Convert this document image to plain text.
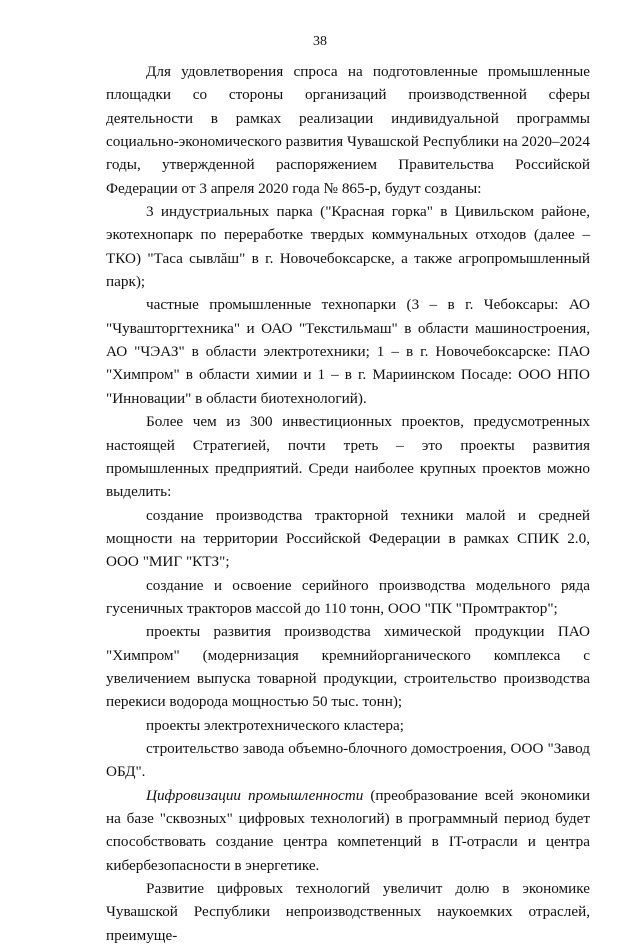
38

Для удовлетворения спроса на подготовленные промышленные площадки со стороны организаций производственной сферы деятельности в рамках реализации индивидуальной программы социально-экономического развития Чувашской Республики на 2020–2024 годы, утвержденной распоряжением Правительства Российской Федерации от 3 апреля 2020 года № 865-р, будут созданы:

3 индустриальных парка ("Красная горка" в Цивильском районе, экотехнопарк по переработке твердых коммунальных отходов (далее – ТКО) "Таса сывлăш" в г. Новочебоксарске, а также агропромышленный парк);

частные промышленные технопарки (3 – в г. Чебоксары: АО "Чувашторгтехника" и ОАО "Текстильмаш" в области машиностроения, АО "ЧЭАЗ" в области электротехники; 1 – в г. Новочебоксарске: ПАО "Химпром" в области химии и 1 – в г. Мариинском Посаде: ООО НПО "Инновации" в области биотехнологий).

Более чем из 300 инвестиционных проектов, предусмотренных настоящей Стратегией, почти треть – это проекты развития промышленных предприятий. Среди наиболее крупных проектов можно выделить:

создание производства тракторной техники малой и средней мощности на территории Российской Федерации в рамках СПИК 2.0, ООО "МИГ "КТЗ";

создание и освоение серийного производства модельного ряда гусеничных тракторов массой до 110 тонн, ООО "ПК "Промтрактор";

проекты развития производства химической продукции ПАО "Химпром" (модернизация кремнийорганического комплекса с увеличением выпуска товарной продукции, строительство производства перекиси водорода мощностью 50 тыс. тонн);

проекты электротехнического кластера;

строительство завода объемно-блочного домостроения, ООО "Завод ОБД".

Цифровизации промышленности (преобразование всей экономики на базе "сквозных" цифровых технологий) в программный период будет способствовать создание центра компетенций в IT-отрасли и центра кибербезопасности в энергетике.

Развитие цифровых технологий увеличит долю в экономике Чувашской Республики непроизводственных наукоемких отраслей, преимуще-
